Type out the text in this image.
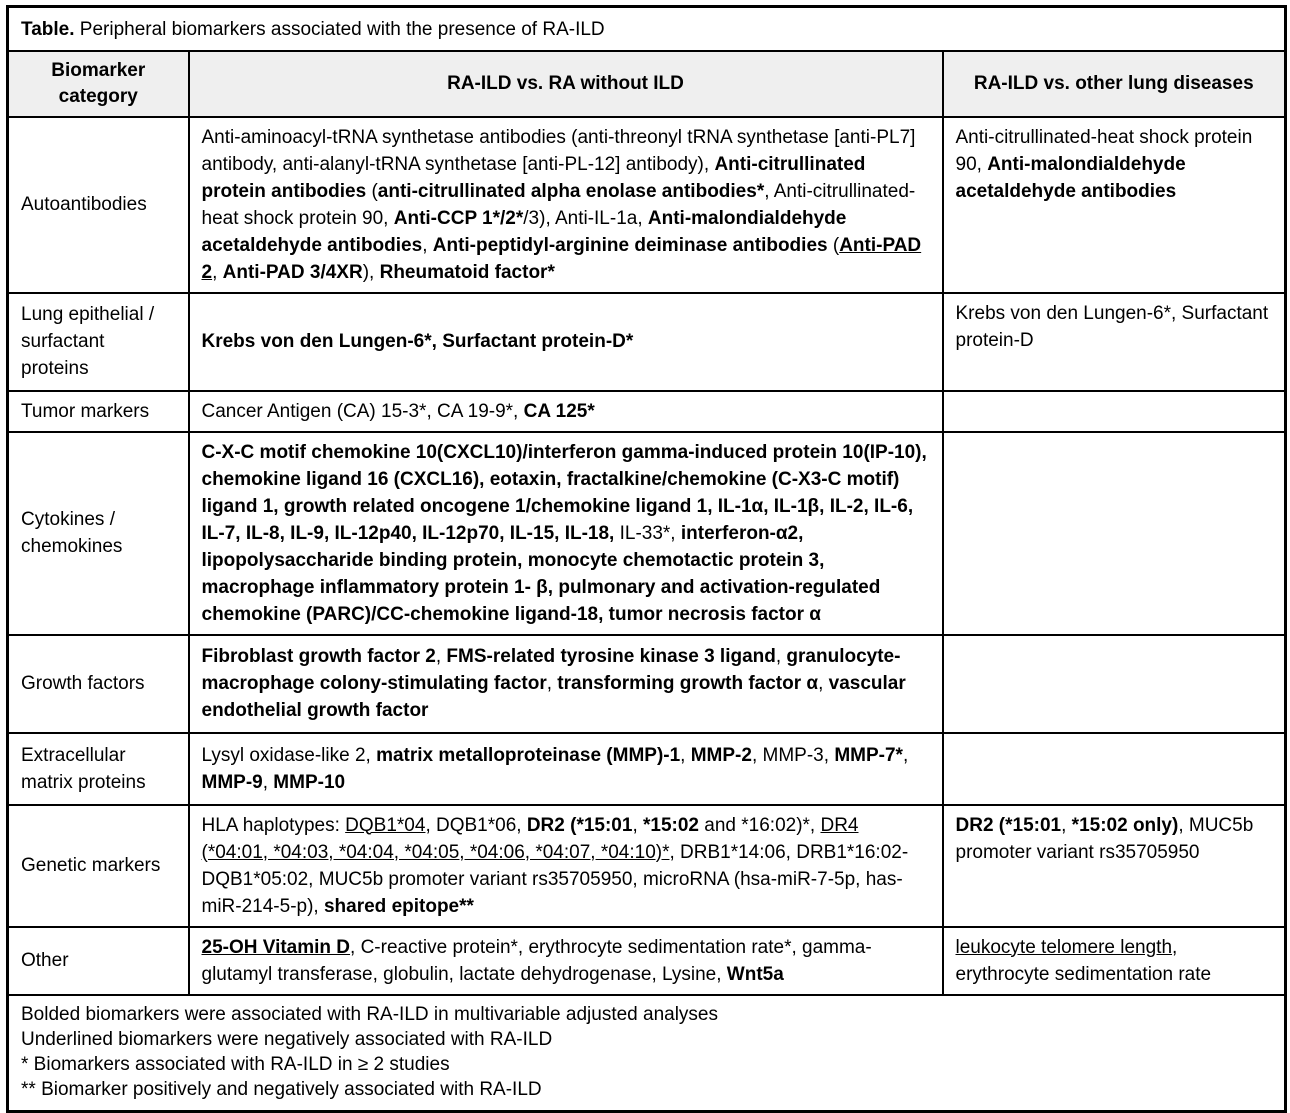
Table. Peripheral biomarkers associated with the presence of RA-ILD		
Biomarker category	RA-ILD vs. RA without ILD	RA-ILD vs. other lung diseases
Autoantibodies	Anti-aminoacyl-tRNA synthetase antibodies (anti-threonyl tRNA synthetase [anti-PL7] antibody, anti-alanyl-tRNA synthetase [anti-PL-12] antibody), Anti-citrullinated protein antibodies (anti-citrullinated alpha enolase antibodies*, Anti-citrullinated-heat shock protein 90, Anti-CCP 1*/2*/3), Anti-IL-1a, Anti-malondialdehyde acetaldehyde antibodies, Anti-peptidyl-arginine deiminase antibodies (Anti-PAD 2, Anti-PAD 3/4XR), Rheumatoid factor*	Anti-citrullinated-heat shock protein 90, Anti-malondialdehyde acetaldehyde antibodies
Lung epithelial / surfactant proteins	Krebs von den Lungen-6*, Surfactant protein-D*	Krebs von den Lungen-6*, Surfactant protein-D
Tumor markers	Cancer Antigen (CA) 15-3*, CA 19-9*, CA 125*	
Cytokines / chemokines	C-X-C motif chemokine 10(CXCL10)/interferon gamma-induced protein 10(IP-10), chemokine ligand 16 (CXCL16), eotaxin, fractalkine/chemokine (C-X3-C motif) ligand 1, growth related oncogene 1/chemokine ligand 1, IL-1α, IL-1β, IL-2, IL-6, IL-7, IL-8, IL-9, IL-12p40, IL-12p70, IL-15, IL-18, IL-33*, interferon-α2, lipopolysaccharide binding protein, monocyte chemotactic protein 3, macrophage inflammatory protein 1- β, pulmonary and activation-regulated chemokine (PARC)/CC-chemokine ligand-18, tumor necrosis factor α	
Growth factors	Fibroblast growth factor 2, FMS-related tyrosine kinase 3 ligand, granulocyte-macrophage colony-stimulating factor, transforming growth factor α, vascular endothelial growth factor	
Extracellular matrix proteins	Lysyl oxidase-like 2, matrix metalloproteinase (MMP)-1, MMP-2, MMP-3, MMP-7*, MMP-9, MMP-10	
Genetic markers	HLA haplotypes: DQB1*04, DQB1*06, DR2 (*15:01, *15:02 and *16:02)*, DR4 (*04:01, *04:03, *04:04, *04:05, *04:06, *04:07, *04:10)*, DRB1*14:06, DRB1*16:02-DQB1*05:02, MUC5b promoter variant rs35705950, microRNA (hsa-miR-7-5p, has-miR-214-5-p), shared epitope**	DR2 (*15:01, *15:02 only), MUC5b promoter variant rs35705950
Other	25-OH Vitamin D, C-reactive protein*, erythrocyte sedimentation rate*, gamma-glutamyl transferase, globulin, lactate dehydrogenase, Lysine, Wnt5a	leukocyte telomere length, erythrocyte sedimentation rate

Bolded biomarkers were associated with RA-ILD in multivariable adjusted analyses
Underlined biomarkers were negatively associated with RA-ILD
* Biomarkers associated with RA-ILD in ≥ 2 studies
** Biomarker positively and negatively associated with RA-ILD		
